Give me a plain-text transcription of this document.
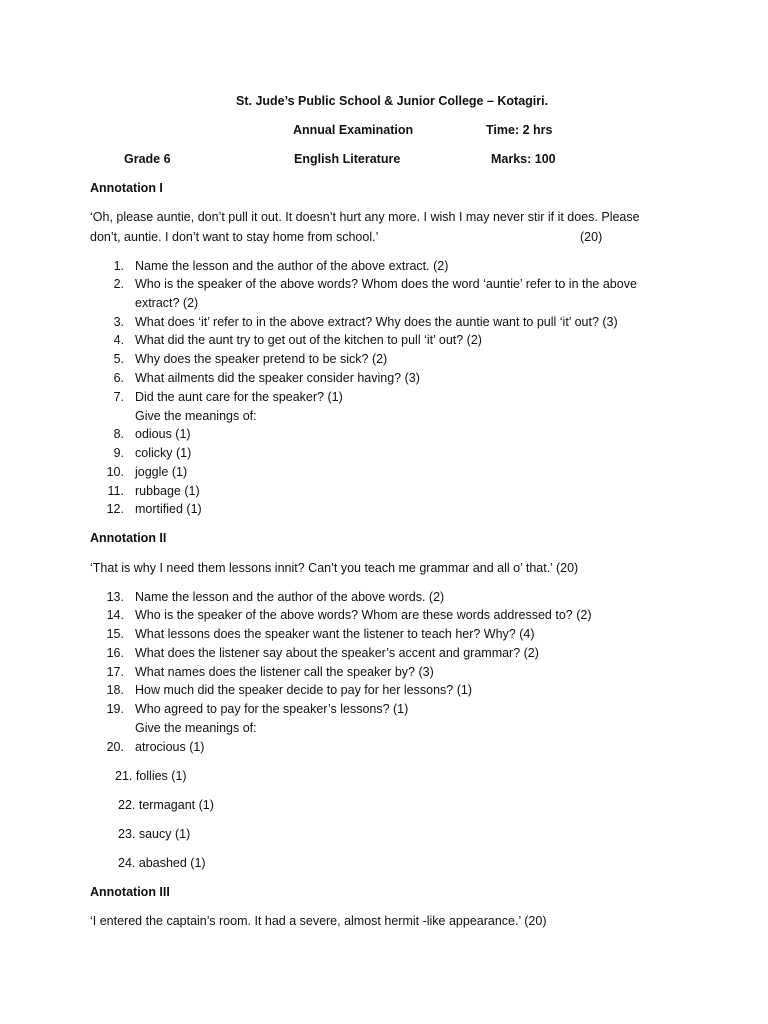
St. Jude’s Public School & Junior College – Kotagiri.
Annual Examination	Time: 2 hrs
Grade 6	English Literature	Marks: 100
Annotation I
‘Oh, please auntie, don’t pull it out. It doesn’t hurt any more. I wish I may never stir if it does. Please
don’t, auntie. I don’t want to stay home from school.’	(20)
1. Name the lesson and the author of the above extract. (2)
2. Who is the speaker of the above words? Whom does the word ‘auntie’ refer to in the above
extract? (2)
3. What does ‘it’ refer to in the above extract? Why does the auntie want to pull ‘it’ out? (3)
4. What did the aunt try to get out of the kitchen to pull ‘it’ out? (2)
5. Why does the speaker pretend to be sick? (2)
6. What ailments did the speaker consider having? (3)
7. Did the aunt care for the speaker? (1)
8. odious (1)
9. colicky (1)
10. joggle (1)
11. rubbage (1)
12. mortified (1)
Give the meanings of:
Annotation II
‘That is why I need them lessons innit? Can’t you teach me grammar and all o’ that.’ (20)
13. Name the lesson and the author of the above words. (2)
14. Who is the speaker of the above words? Whom are these words addressed to? (2)
15. What lessons does the speaker want the listener to teach her? Why? (4)
16. What does the listener say about the speaker’s accent and grammar? (2)
17. What names does the listener call the speaker by? (3)
18. How much did the speaker decide to pay for her lessons? (1)
19. Who agreed to pay for the speaker’s lessons? (1)
20. atrocious (1)
Give the meanings of:
21. follies (1)
22. termagant (1)
23. saucy (1)
24. abashed (1)
Annotation III
‘I entered the captain’s room. It had a severe, almost hermit -like appearance.’ (20)
